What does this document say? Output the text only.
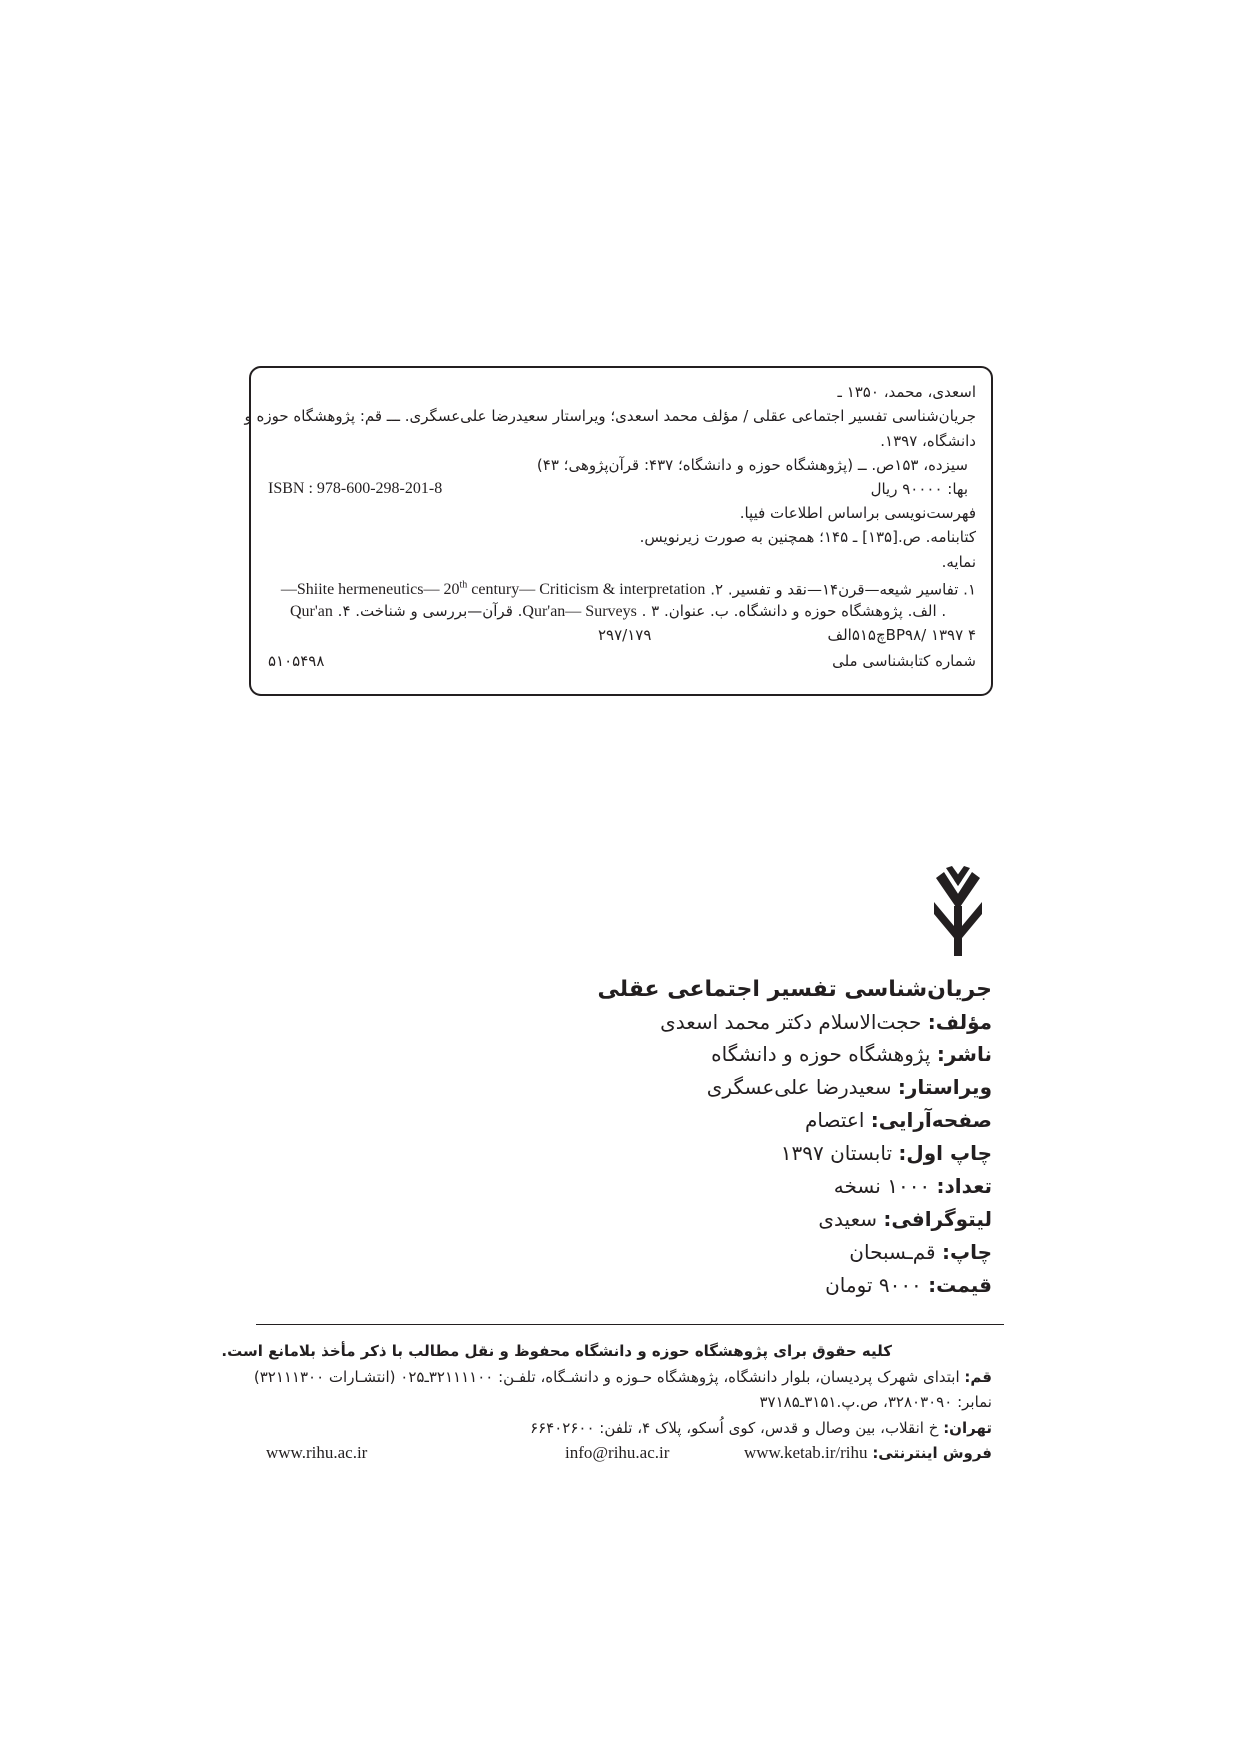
اسعدی، محمد، ۱۳۵۰ ـ
جریان‌شناسی تفسیر اجتماعی عقلی / مؤلف محمد اسعدی؛ ویراستار سعیدرضا علی‌عسگری. ـــ قم: پژوهشگاه حوزه و
دانشگاه، ۱۳۹۷.
سیزده، ۱۵۳ص. ــ (پژوهشگاه حوزه و دانشگاه؛ ۴۳۷: قرآن‌پژوهی؛ ۴۳)
ISBN : 978-600-298-201-8	بها: ۹۰۰۰۰ ریال
فهرست‌نویسی براساس اطلاعات فیپا.
کتابنامه. ص.[۱۳۵] ـ ۱۴۵؛ همچنین به صورت زیرنویس.
نمایه.
۱. تفاسیر شیعه—قرن۱۴—نقد و تفسیر. ۲. —Shiite hermeneutics— 20th century— Criticism & interpretation
. الف. پژوهشگاه حوزه و دانشگاه. ب. عنوان. Qur'an— Surveys . ۳. قرآن—بررسی و شناخت. ۴. Qur'an
BP۹۸/ ۱۳۹۷ ۴چ۵۱۵الف
۲۹۷/۱۷۹
شماره کتابشناسی ملی
۵۱۰۵۴۹۸
جریان‌شناسی تفسیر اجتماعی عقلی
مؤلف: حجت‌الاسلام دکتر محمد اسعدی
ناشر: پژوهشگاه حوزه و دانشگاه
ویراستار: سعیدرضا علی‌عسگری
صفحه‌آرایی: اعتصام
چاپ اول: تابستان ۱۳۹۷
تعداد: ۱۰۰۰ نسخه
لیتوگرافی: سعیدی
چاپ: قم‌ـسبحان
قیمت: ۹۰۰۰ تومان
کلیه حقوق برای پژوهشگاه حوزه و دانشگاه محفوظ و نقل مطالب با ذکر مأخذ بلامانع است.
قم: ابتدای شهرک پردیسان، بلوار دانشگاه، پژوهشگاه حـوزه و دانشـگاه، تلفـن: ۳۲۱۱۱۱۰۰ـ۰۲۵ (انتشـارات ۳۲۱۱۱۳۰۰)
نمابر: ۳۲۸۰۳۰۹۰، ص.پ.۳۱۵۱ـ۳۷۱۸۵
تهران: خ انقلاب، بین وصال و قدس، کوی اُسکو، پلاک ۴، تلفن: ۶۶۴۰۲۶۰۰
فروش اینترنتی: www.ketab.ir/rihu
info@rihu.ac.ir
www.rihu.ac.ir
